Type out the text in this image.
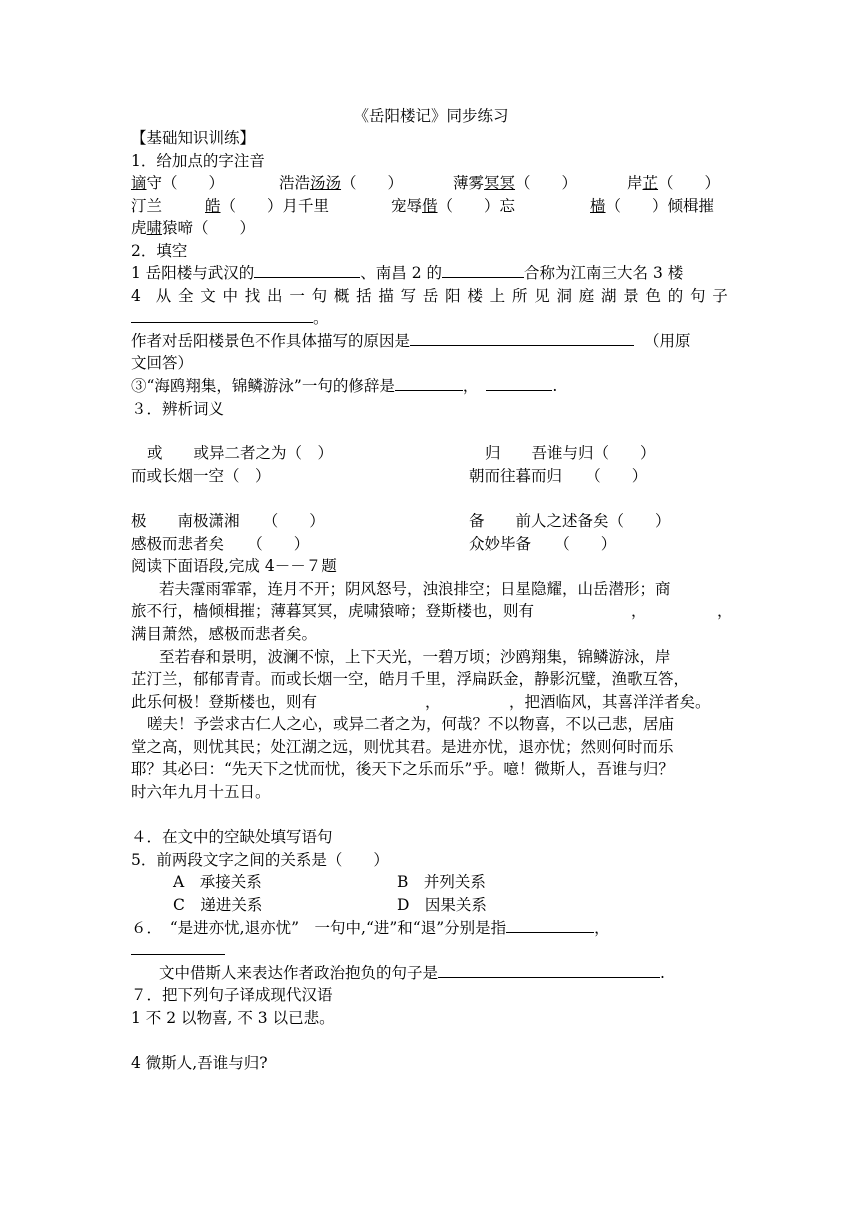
《岳阳楼记》同步练习
【基础知识训练】
1．给加点的字注音
谪守（　　）	浩浩汤汤（　　）	薄雾冥冥（　　）	岸芷（　　）
汀兰	皓（　　）月千里	宠辱偕（　　）忘	樯（　　）倾楫摧
虎啸猿啼（　　）
2．填空
1 岳阳楼与武汉的	、南昌 2 的	合称为江南三大名 3 楼
4 从全文中找出一句概括描写岳阳楼上所见洞庭湖景色的句子
。
作者对岳阳楼景色不作具体描写的原因是	（用原
文回答）
③“海鸥翔集，锦鳞游泳”一句的修辞是	，	.
３．辨析词义
或　　或异二者之为（　）	归　　吾谁与归（　　）
而或长烟一空（　）	朝而往暮而归　　（　　）
极　　南极潇湘　　（　　）	备　　前人之述备矣（　　）
感极而悲者矣　　（　　）	众妙毕备　　（　　）
阅读下面语段,完成 4－－７题
若夫霪雨霏霏，连月不开；阴风怒号，浊浪排空；日星隐耀，山岳潜形；商
旅不行，樯倾楫摧；薄暮冥冥，虎啸猿啼；登斯楼也，则有	，	，
满目萧然，感极而悲者矣。
至若春和景明，波澜不惊，上下天光，一碧万顷；沙鸥翔集，锦鳞游泳，岸
芷汀兰，郁郁青青。而或长烟一空，皓月千里，浮扁跃金，静影沉璧，渔歌互答，
此乐何极！登斯楼也，则有	，	，把酒临风，其喜洋洋者矣。
嗟夫！予尝求古仁人之心，或异二者之为，何哉？不以物喜，不以己悲，居庙
堂之高，则忧其民；处江湖之远，则忧其君。是进亦忧，退亦忧；然则何时而乐
耶？其必曰：“先天下之忧而忧，後天下之乐而乐”乎。噫！微斯人，吾谁与归？
时六年九月十五日。
４．在文中的空缺处填写语句
5．前两段文字之间的关系是（　　）
A　承接关系	B　并列关系
C　递进关系	D　因果关系
６．　“是进亦忧,退亦忧”　一句中,“进”和“退”分别是指	，
文中借斯人来表达作者政治抱负的句子是	.
７．把下列句子译成现代汉语
1 不 2 以物喜, 不 3 以已悲。
4 微斯人,吾谁与归?
